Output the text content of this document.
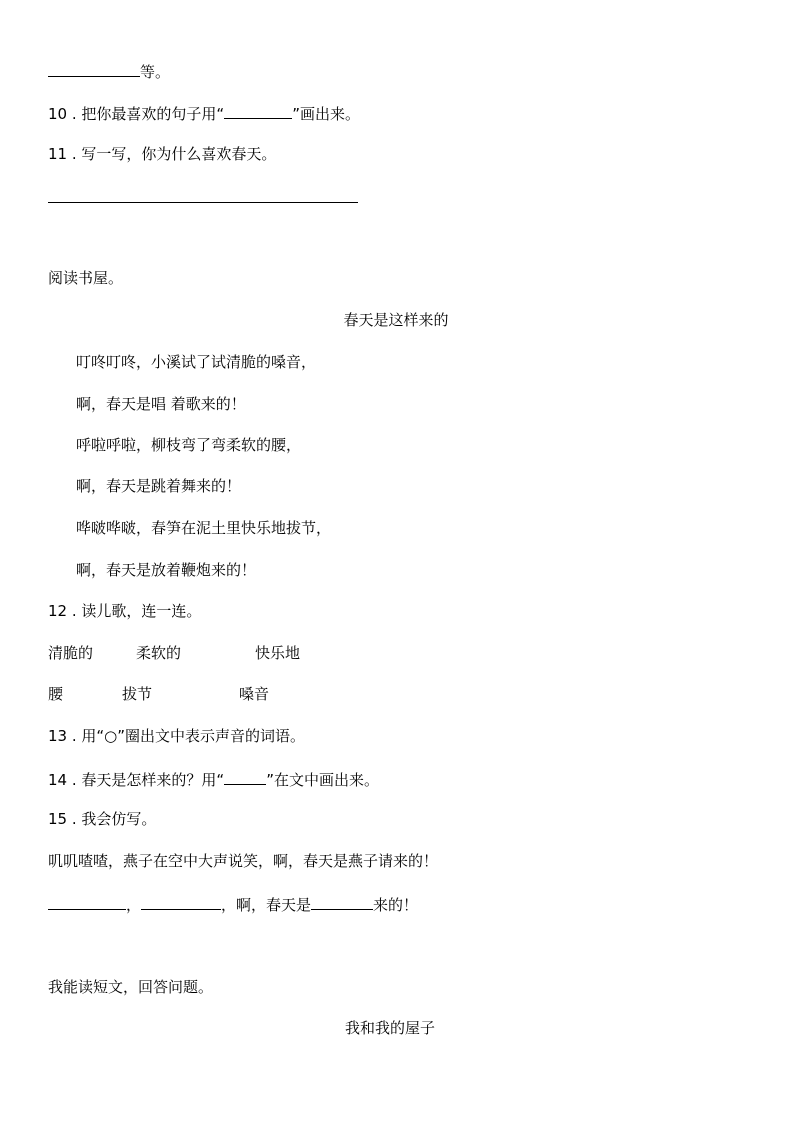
等。
10 . 把你最喜欢的句子用“	”画出来。
11 . 写一写，你为什么喜欢春天。
阅读书屋。
春天是这样来的
叮咚叮咚，小溪试了试清脆的嗓音，
啊，春天是唱 着歌来的！
呼啦呼啦，柳枝弯了弯柔软的腰，
啊，春天是跳着舞来的！
哗啵哗啵，春笋在泥土里快乐地拔节，
啊，春天是放着鞭炮来的！
12 . 读儿歌，连一连。
清脆的	柔软的	快乐地
腰	拔节	嗓音
13 . 用“○”圈出文中表示声音的词语。
14 . 春天是怎样来的？用“	”在文中画出来。
15 . 我会仿写。
叽叽喳喳，燕子在空中大声说笑，啊，春天是燕子请来的！
，	，啊，春天是	来的！
我能读短文，回答问题。
我和我的屋子
